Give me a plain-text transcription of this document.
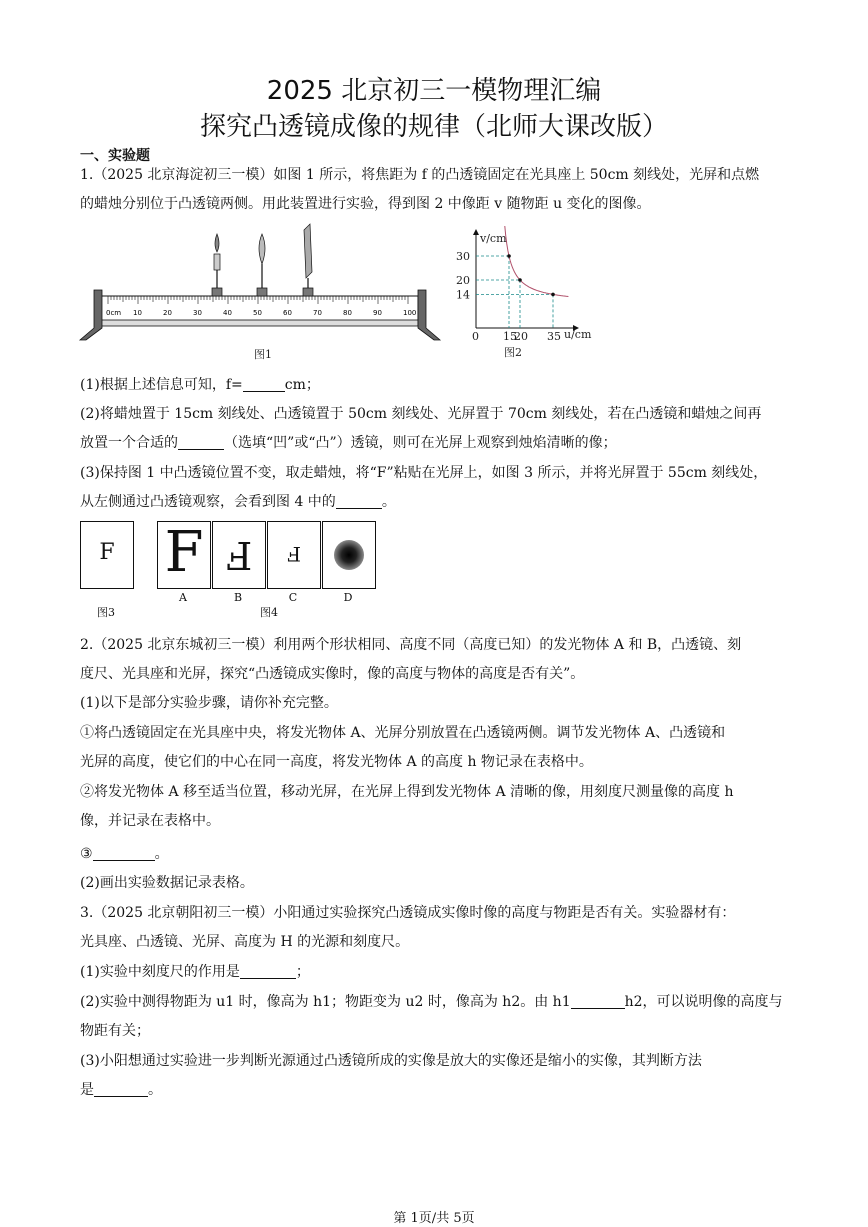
2025 北京初三一模物理汇编
探究凸透镜成像的规律（北师大课改版）
一、实验题
1.（2025 北京海淀初三一模）如图 1 所示，将焦距为 f 的凸透镜固定在光具座上 50cm 刻线处，光屏和点燃
的蜡烛分别位于凸透镜两侧。用此装置进行实验，得到图 2 中像距 v 随物距 u 变化的图像。
0cm 10	20	30	40	50	60	70	80	90	100
图1
v/cm
u/cm
30
20
14
0 15
20 35
图2
(1)根据上述信息可知，f=	cm；
(2)将蜡烛置于 15cm 刻线处、凸透镜置于 50cm 刻线处、光屏置于 70cm 刻线处，若在凸透镜和蜡烛之间再
放置一个合适的	（选填“凹”或“凸”）透镜，则可在光屏上观察到烛焰清晰的像；
(3)保持图 1 中凸透镜位置不变，取走蜡烛，将“F”粘贴在光屏上，如图 3 所示，并将光屏置于 55cm 刻线处，
从左侧通过凸透镜观察，会看到图 4 中的	。
F
图3
F F	F
A	B	C	D
图4
2.（2025 北京东城初三一模）利用两个形状相同、高度不同（高度已知）的发光物体 A 和 B，凸透镜、刻
度尺、光具座和光屏，探究“凸透镜成实像时，像的高度与物体的高度是否有关”。
(1)以下是部分实验步骤，请你补充完整。
①将凸透镜固定在光具座中央，将发光物体 A、光屏分别放置在凸透镜两侧。调节发光物体 A、凸透镜和
光屏的高度，使它们的中心在同一高度，将发光物体 A 的高度 h 物记录在表格中。
②将发光物体 A 移至适当位置，移动光屏，在光屏上得到发光物体 A 清晰的像，用刻度尺测量像的高度 h
像，并记录在表格中。
③	。
(2)画出实验数据记录表格。
3.（2025 北京朝阳初三一模）小阳通过实验探究凸透镜成实像时像的高度与物距是否有关。实验器材有：
光具座、凸透镜、光屏、高度为 H 的光源和刻度尺。
(1)实验中刻度尺的作用是	；
(2)实验中测得物距为 u1 时，像高为 h1；物距变为 u2 时，像高为 h2。由 h1	h2，可以说明像的高度与
物距有关；
(3)小阳想通过实验进一步判断光源通过凸透镜所成的实像是放大的实像还是缩小的实像，其判断方法
是	。
第 1页/共 5页
